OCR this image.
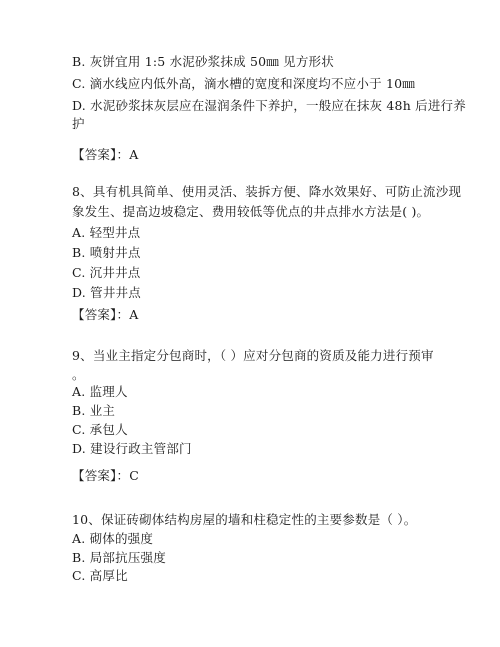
B. 灰饼宜用 1:5 水泥砂浆抹成 50㎜ 见方形状
C. 滴水线应内低外高，滴水槽的宽度和深度均不应小于 10㎜
D. 水泥砂浆抹灰层应在湿润条件下养护，一般应在抹灰 48h 后进行养
护
【答案】：A
8、具有机具简单、使用灵活、装拆方便、降水效果好、可防止流沙现
象发生、提高边坡稳定、费用较低等优点的井点排水方法是( )。
A. 轻型井点
B. 喷射井点
C. 沉井井点
D. 管井井点
【答案】：A
9、当业主指定分包商时，（ ）应对分包商的资质及能力进行预审
。
A. 监理人
B. 业主
C. 承包人
D. 建设行政主管部门
【答案】：C
10、保证砖砌体结构房屋的墙和柱稳定性的主要参数是（ ）。
A. 砌体的强度
B. 局部抗压强度
C. 高厚比
